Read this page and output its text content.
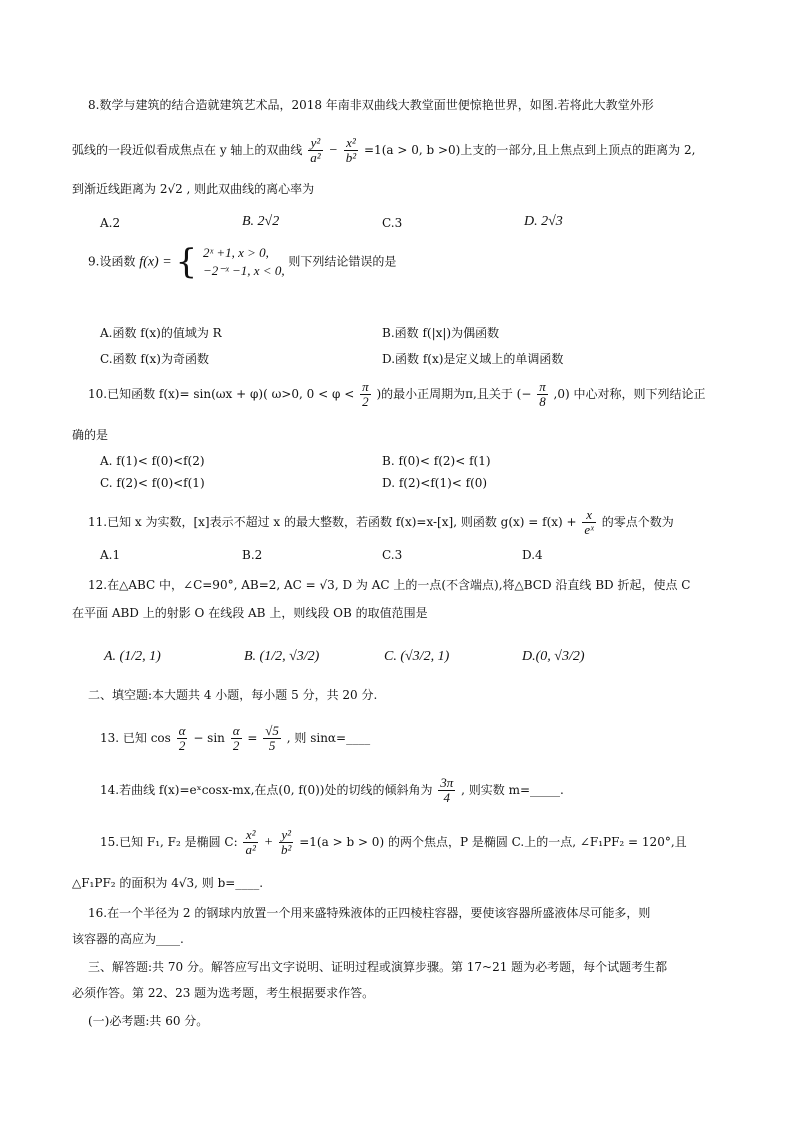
8.数学与建筑的结合造就建筑艺术品，2018 年南非双曲线大教堂面世便惊艳世界，如图.若将此大教堂外形
弧线的一段近似看成焦点在 y 轴上的双曲线 $\frac{\text{y²}}{\text{a²}} - \frac{\text{x²}}{\text{b²}} =1(a > 0$, b >0)上支的一部分,且上焦点到上顶点的距离为 2,
到渐近线距离为 2√2 , 则此双曲线的离心率为
A.2	B. 2√2	C.3	D. 2√3
9.设函数 f(x) = { 2ˣ +1, x > 0,
−2⁻ˣ −1, x < 0,
则下列结论错误的是
A.函数 f(x)的值域为 R	B.函数 f(|x|)为偶函数
C.函数 f(x)为奇函数	D.函数 f(x)是定义域上的单调函数
10.已知函数 f(x)= sin(ωx + φ)( ω>0, $0 < \varphi < \frac{\pi}{2}$ )的最小正周期为π,且关于 (− $\frac{\pi}{8} ,0$) 中心对称，则下列结论正
确的是
A. f(1)< f(0)<f(2)	B. f(0)< f(2)< f(1)
C. f(2)< f(0)<f(1)	D. f(2)<f(1)< f(0)
11.已知 x 为实数，[x]表示不超过 x 的最大整数，若函数 f(x)=x-[x], 则函数 $g(x) = f(x) + \frac{x}{\text{eˣ}}$ 的零点个数为
A.1	B.2	C.3	D.4
12.在△ABC 中，∠C=90°, AB=2, AC = √3, D 为 AC 上的一点(不含端点),将△BCD 沿直线 BD 折起，使点 C
在平面 ABD 上的射影 O 在线段 AB 上，则线段 OB 的取值范围是
A. (1/2, 1)	B. (1/2, √3/2)	C. (√3/2, 1)	D.(0, √3/2)
二、填空题:本大题共 4 小题，每小题 5 分，共 20 分.
13. 已知 $\cos \frac{\alpha}{2} - \sin \frac{\alpha}{2} = \frac{√5}{5}$ , 则 sinα=____
14.若曲线 f(x)=eˣcosx-mx,在点(0, f(0))处的切线的倾斜角为 $\frac{3\pi}{4}$ , 则实数 m=_____.
15.已知 F₁, F₂ 是椭圆 C: $\frac{\text{x²}}{\text{a²}} + \frac{\text{y²}}{\text{b²}} =1(a > b > 0)$ 的两个焦点，P 是椭圆 C.上的一点, ∠F₁PF₂ = 120°,且
△F₁PF₂ 的面积为 4√3, 则 b=____.
16.在一个半径为 2 的钢球内放置一个用来盛特殊液体的正四棱柱容器，要使该容器所盛液体尽可能多，则
该容器的高应为____.
三、解答题:共 70 分。解答应写出文字说明、证明过程或演算步骤。第 17~21 题为必考题，每个试题考生都
必须作答。第 22、23 题为选考题，考生根据要求作答。
(一)必考题:共 60 分。
